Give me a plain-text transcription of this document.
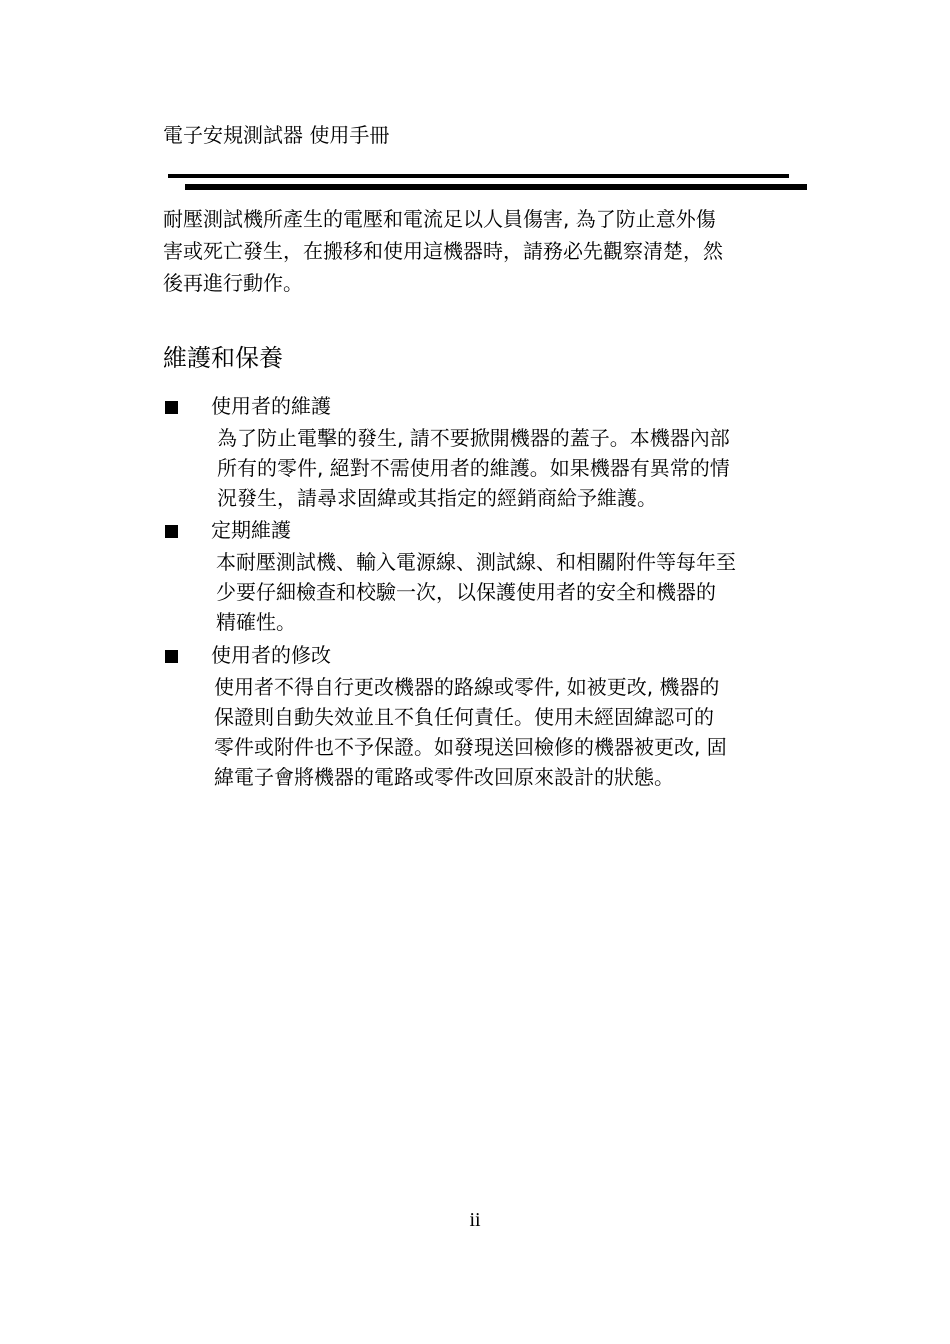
電子安規測試器 使用手冊
耐壓測試機所產生的電壓和電流足以人員傷害, 為了防止意外傷
害或死亡發生，在搬移和使用這機器時，請務必先觀察清楚，然
後再進行動作。
維護和保養
使用者的維護
為了防止電擊的發生, 請不要掀開機器的蓋子。本機器內部
所有的零件, 絕對不需使用者的維護。如果機器有異常的情
況發生，請尋求固緯或其指定的經銷商給予維護。
定期維護
本耐壓測試機、輸入電源線、測試線、和相關附件等每年至
少要仔細檢查和校驗一次，以保護使用者的安全和機器的
精確性。
使用者的修改
使用者不得自行更改機器的路線或零件, 如被更改, 機器的
保證則自動失效並且不負任何責任。使用未經固緯認可的
零件或附件也不予保證。如發現送回檢修的機器被更改, 固
緯電子會將機器的電路或零件改回原來設計的狀態。
ii
